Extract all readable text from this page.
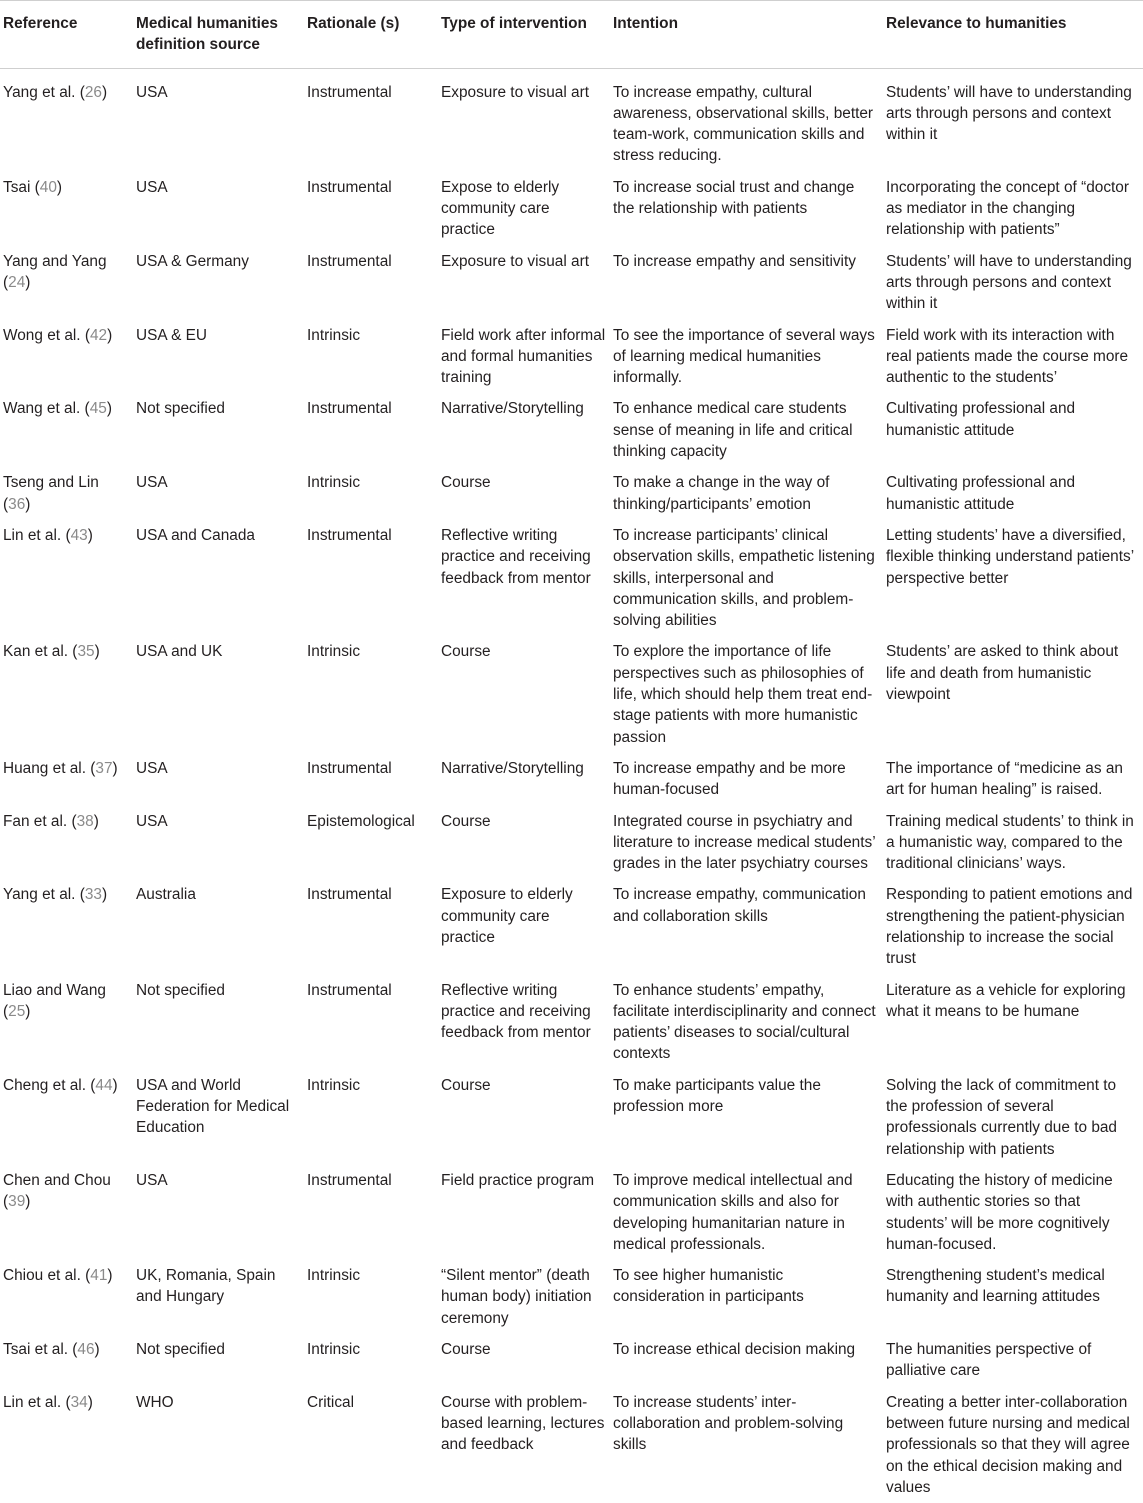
Reference	Medical humanities definition source	Rationale (s)	Type of intervention	Intention	Relevance to humanities
Yang et al. (26)	USA	Instrumental	Exposure to visual art	To increase empathy, cultural awareness, observational skills, better team-work, communication skills and stress reducing.	Students’ will have to understanding arts through persons and context within it
Tsai (40)	USA	Instrumental	Expose to elderly community care practice	To increase social trust and change the relationship with patients	Incorporating the concept of “doctor as mediator in the changing relationship with patients”
Yang and Yang (24)	USA & Germany	Instrumental	Exposure to visual art	To increase empathy and sensitivity	Students’ will have to understanding arts through persons and context within it
Wong et al. (42)	USA & EU	Intrinsic	Field work after informal and formal humanities training	To see the importance of several ways of learning medical humanities informally.	Field work with its interaction with real patients made the course more authentic to the students’
Wang et al. (45)	Not specified	Instrumental	Narrative/Storytelling	To enhance medical care students sense of meaning in life and critical thinking capacity	Cultivating professional and humanistic attitude
Tseng and Lin (36)	USA	Intrinsic	Course	To make a change in the way of thinking/participants’ emotion	Cultivating professional and humanistic attitude
Lin et al. (43)	USA and Canada	Instrumental	Reflective writing practice and receiving feedback from mentor	To increase participants’ clinical observation skills, empathetic listening skills, interpersonal and communication skills, and problem-solving abilities	Letting students’ have a diversified, flexible thinking understand patients’ perspective better
Kan et al. (35)	USA and UK	Intrinsic	Course	To explore the importance of life perspectives such as philosophies of life, which should help them treat end-stage patients with more humanistic passion	Students’ are asked to think about life and death from humanistic viewpoint
Huang et al. (37)	USA	Instrumental	Narrative/Storytelling	To increase empathy and be more human-focused	The importance of “medicine as an art for human healing” is raised.
Fan et al. (38)	USA	Epistemological	Course	Integrated course in psychiatry and literature to increase medical students’ grades in the later psychiatry courses	Training medical students’ to think in a humanistic way, compared to the traditional clinicians’ ways.
Yang et al. (33)	Australia	Instrumental	Exposure to elderly community care practice	To increase empathy, communication and collaboration skills	Responding to patient emotions and strengthening the patient-physician relationship to increase the social trust
Liao and Wang (25)	Not specified	Instrumental	Reflective writing practice and receiving feedback from mentor	To enhance students’ empathy, facilitate interdisciplinarity and connect patients’ diseases to social/cultural contexts	Literature as a vehicle for exploring what it means to be humane
Cheng et al. (44)	USA and World Federation for Medical Education	Intrinsic	Course	To make participants value the profession more	Solving the lack of commitment to the profession of several professionals currently due to bad relationship with patients
Chen and Chou (39)	USA	Instrumental	Field practice program	To improve medical intellectual and communication skills and also for developing humanitarian nature in medical professionals.	Educating the history of medicine with authentic stories so that students’ will be more cognitively human-focused.
Chiou et al. (41)	UK, Romania, Spain and Hungary	Intrinsic	“Silent mentor” (death human body) initiation ceremony	To see higher humanistic consideration in participants	Strengthening student’s medical humanity and learning attitudes
Tsai et al. (46)	Not specified	Intrinsic	Course	To increase ethical decision making	The humanities perspective of palliative care
Lin et al. (34)	WHO	Critical	Course with problem-based learning, lectures and feedback	To increase students’ inter-collaboration and problem-solving skills	Creating a better inter-collaboration between future nursing and medical professionals so that they will agree on the ethical decision making and values
